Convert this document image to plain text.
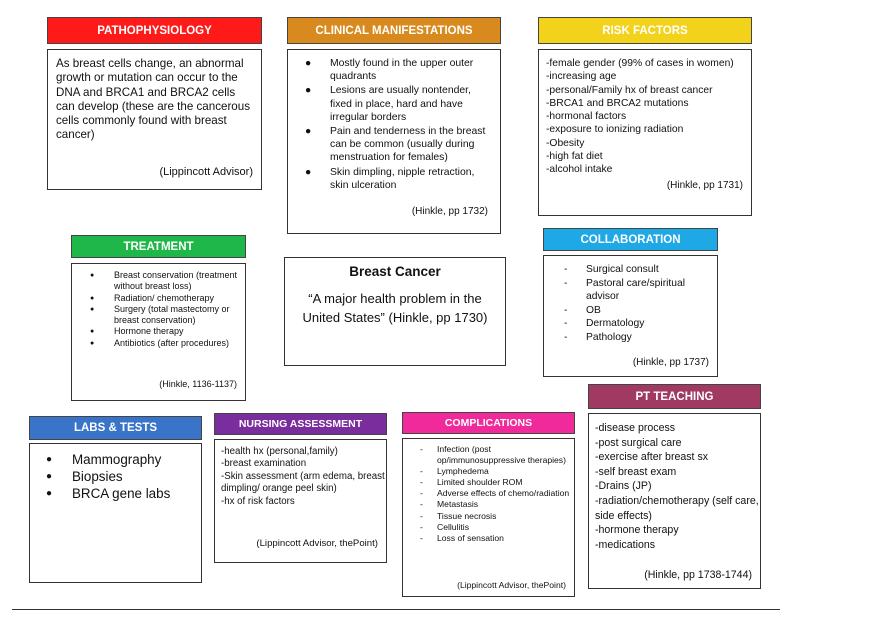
PATHOPHYSIOLOGY

As breast cells change, an abnormal growth or mutation can occur to the DNA and BRCA1 and BRCA2 cells can develop (these are the cancerous cells commonly found with breast cancer)

(Lippincott Advisor)
CLINICAL MANIFESTATIONS
● Mostly found in the upper outer quadrants
● Lesions are usually nontender, fixed in place, hard and have irregular borders
● Pain and tenderness in the breast can be common (usually during menstruation for females)
● Skin dimpling, nipple retraction, skin ulceration
(Hinkle, pp 1732)
RISK FACTORS
-female gender (99% of cases in women)
-increasing age
-personal/Family hx of breast cancer
-BRCA1 and BRCA2 mutations
-hormonal factors
-exposure to ionizing radiation
-Obesity
-high fat diet
-alcohol intake
(Hinkle, pp 1731)
TREATMENT
● Breast conservation (treatment without breast loss)
● Radiation/ chemotherapy
● Surgery (total mastectomy or breast conservation)
● Hormone therapy
● Antibiotics (after procedures)
(Hinkle, 1136-1137)
Breast Cancer
“A major health problem in the United States” (Hinkle, pp 1730)
COLLABORATION
- Surgical consult
- Pastoral care/spiritual advisor
- OB
- Dermatology
- Pathology
(Hinkle, pp 1737)
LABS & TESTS
● Mammography
● Biopsies
● BRCA gene labs
NURSING ASSESSMENT
-health hx (personal,family)
-breast examination
-Skin assessment (arm edema, breast dimpling/ orange peel skin)
-hx of risk factors
(Lippincott Advisor, thePoint)
COMPLICATIONS
- Infection (post op/immunosuppressive therapies)
- Lymphedema
- Limited shoulder ROM
- Adverse effects of chemo/radiation
- Metastasis
- Tissue necrosis
- Cellulitis
- Loss of sensation
(Lippincott Advisor, thePoint)
PT TEACHING
-disease process
-post surgical care
-exercise after breast sx
-self breast exam
-Drains (JP)
-radiation/chemotherapy (self care, side effects)
-hormone therapy
-medications
(Hinkle, pp 1738-1744)
